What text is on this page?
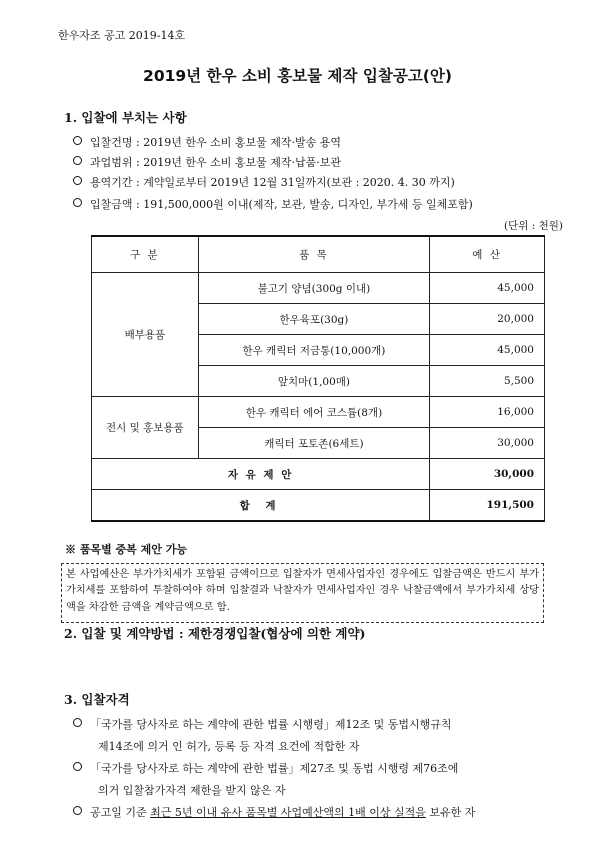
한우자조 공고 2019-14호
2019년 한우 소비 홍보물 제작 입찰공고(안)
1. 입찰에 부치는 사항
입찰건명 : 2019년 한우 소비 홍보물 제작·발송 용역
과업범위 : 2019년 한우 소비 홍보물 제작·납품·보관
용역기간 : 계약일로부터 2019년 12월 31일까지(보관 : 2020. 4. 30 까지)
입찰금액 : 191,500,000원 이내(제작, 보관, 발송, 디자인, 부가세 등 일체포함)
(단위 : 천원)
구 분	품 목	예 산
배부용품	불고기 양념(300g 이내)	45,000
	한우육포(30g)	20,000
	한우 캐릭터 저금통(10,000개)	45,000
	앞치마(1,00매)	5,500
전시 및 홍보용품	한우 캐릭터 에어 코스튬(8개)	16,000
	캐릭터 포토존(6세트)	30,000
자 유 제 안		30,000
합 계		191,500
※ 품목별 중복 제안 가능
본 사업예산은 부가가치세가 포함된 금액이므로 입찰자가 면세사업자인 경우에도 입찰금액은 반드시 부가가치세를 포함하여 투찰하여야 하며 입찰결과 낙찰자가 면세사업자인 경우 낙찰금액에서 부가가치세 상당액을 차감한 금액을 계약금액으로 함.
2. 입찰 및 계약방법 : 제한경쟁입찰(협상에 의한 계약)
3. 입찰자격
「국가를 당사자로 하는 계약에 관한 법률 시행령」제12조 및 동법시행규칙
제14조에 의거 인 허가, 등록 등 자격 요건에 적합한 자
「국가를 당사자로 하는 계약에 관한 법률」제27조 및 동법 시행령 제76조에
의거 입찰참가자격 제한을 받지 않은 자
공고일 기준 최근 5년 이내 유사 품목별 사업예산액의 1배 이상 실적을 보유한 자
